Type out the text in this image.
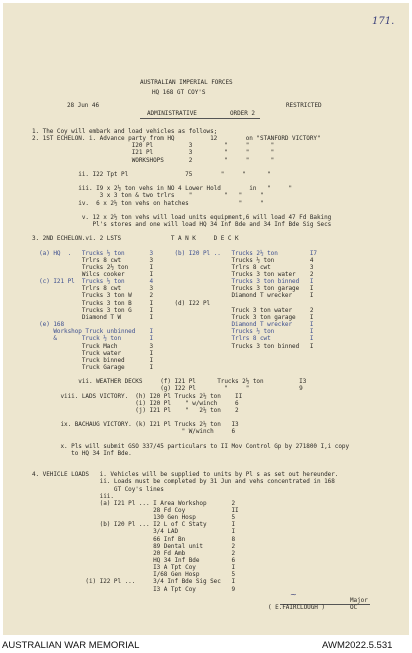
171.
AUSTRALIAN IMPERIAL FORCES
HQ 168 GT COY'S
28 Jun 46	RESTRICTED
ADMINISTRATIVE	ORDER 2
1. The Coy will embark and load vehicles as follows;
2. 1ST ECHELON. i. Advance party from HQ          12        on "STANFORD VICTORY"
I20 Pl          3         "     "      "
I21 Pl          3         "     "      "
WORKSHOPS       2         "     "      "
ii. I22 Tpt Pl                75        "     "      "
iii. I9 x 2½ ton vehs in NO 4 Lower Hold        in   "     "
3 x 3 ton & two trlrs    "         "   "     "
iv.  6 x 2½ ton vehs on hatches              "     "
v. 12 x 2½ ton vehs will load units equipment,6 will load 47 Fd Baking
Pl's stores and one will load HQ 34 Inf Bde and 34 Inf Bde Sig Secs
3. 2ND ECHELON.vi. 2 LSTS              T A N K     D E C K
(a) HQ  .   Trucks ½ ton       3      (b) I20 Pl ..   Trucks 2½ ton         I7
Trlrs 8 cwt        3                      Trucks ½ ton          4
Trucks 2½ ton      I                      Trlrs 8 cwt           3
Wilcs cooker       I                      Trucks 3 ton water    2
(c) I21 Pl  Trucks ½ ton       4                      Trucks 3 ton binned   I
Trlrs 8 cwt        3                      Trucks 3 ton garage   I
Trucks 3 ton W     2                      Diamond T wrecker     I
Trucks 3 ton B     I      (d) I22 Pl
Trucks 3 ton G     I                      Truck 3 ton water     2
Diamond T W        I                      Truck 3 ton garage    I
(e) 168                                               Diamond T wrecker     I
Workshop Truck unbinned    I                      Trucks ½ ton          I
&       Truck ½ ton        I                      Trlrs 8 cwt           I
Truck Mach         3                      Trucks 3 ton binned   I
Truck water        I
Truck binned       I
Truck Garage       I
vii. WEATHER DECKS     (f) I21 Pl      Trucks 2½ ton          I3
(g) I22 Pl        "     "              9
viii. LADS VICTORY.  (h) I20 Pl Trucks 2½ ton    II
(i) I20 Pl    " w/winch     6
(j) I21 Pl    "   2½ ton    2
ix. BACHAUG VICTORY. (k) I21 Pl Trucks 2½ ton   I3
" W/winch     6
x. Pls will submit GSO 337/45 particulars to II Mov Control Gp by 271800 I,i copy
to HQ 34 Inf Bde.
4. VEHICLE LOADS   i. Vehicles will be supplied to units by Pl s as set out hereunder.
ii. Loads must be completed by 31 Jun and vehs concentrated in 168
GT Coy's lines
iii.
(a) I21 Pl ... I Area Workshop       2
28 Fd Coy             II
130 Gen Hosp          5
(b) I20 Pl ... I2 L of C Staty       I
3/4 LAD               I
66 Inf Bn             8
89 Dental unit        2
20 Fd Amb             2
HQ 34 Inf Bde         6
I3 A Tpt Coy          I
I/68 Gen Hosp         5
(i) I22 Pl ...     3/4 Inf Bde Sig Sec   I
I3 A Tpt Coy          9
Major
( E.FAIRCLOUGH )	OC
~
AUSTRALIAN WAR MEMORIAL	AWM2022.5.531
